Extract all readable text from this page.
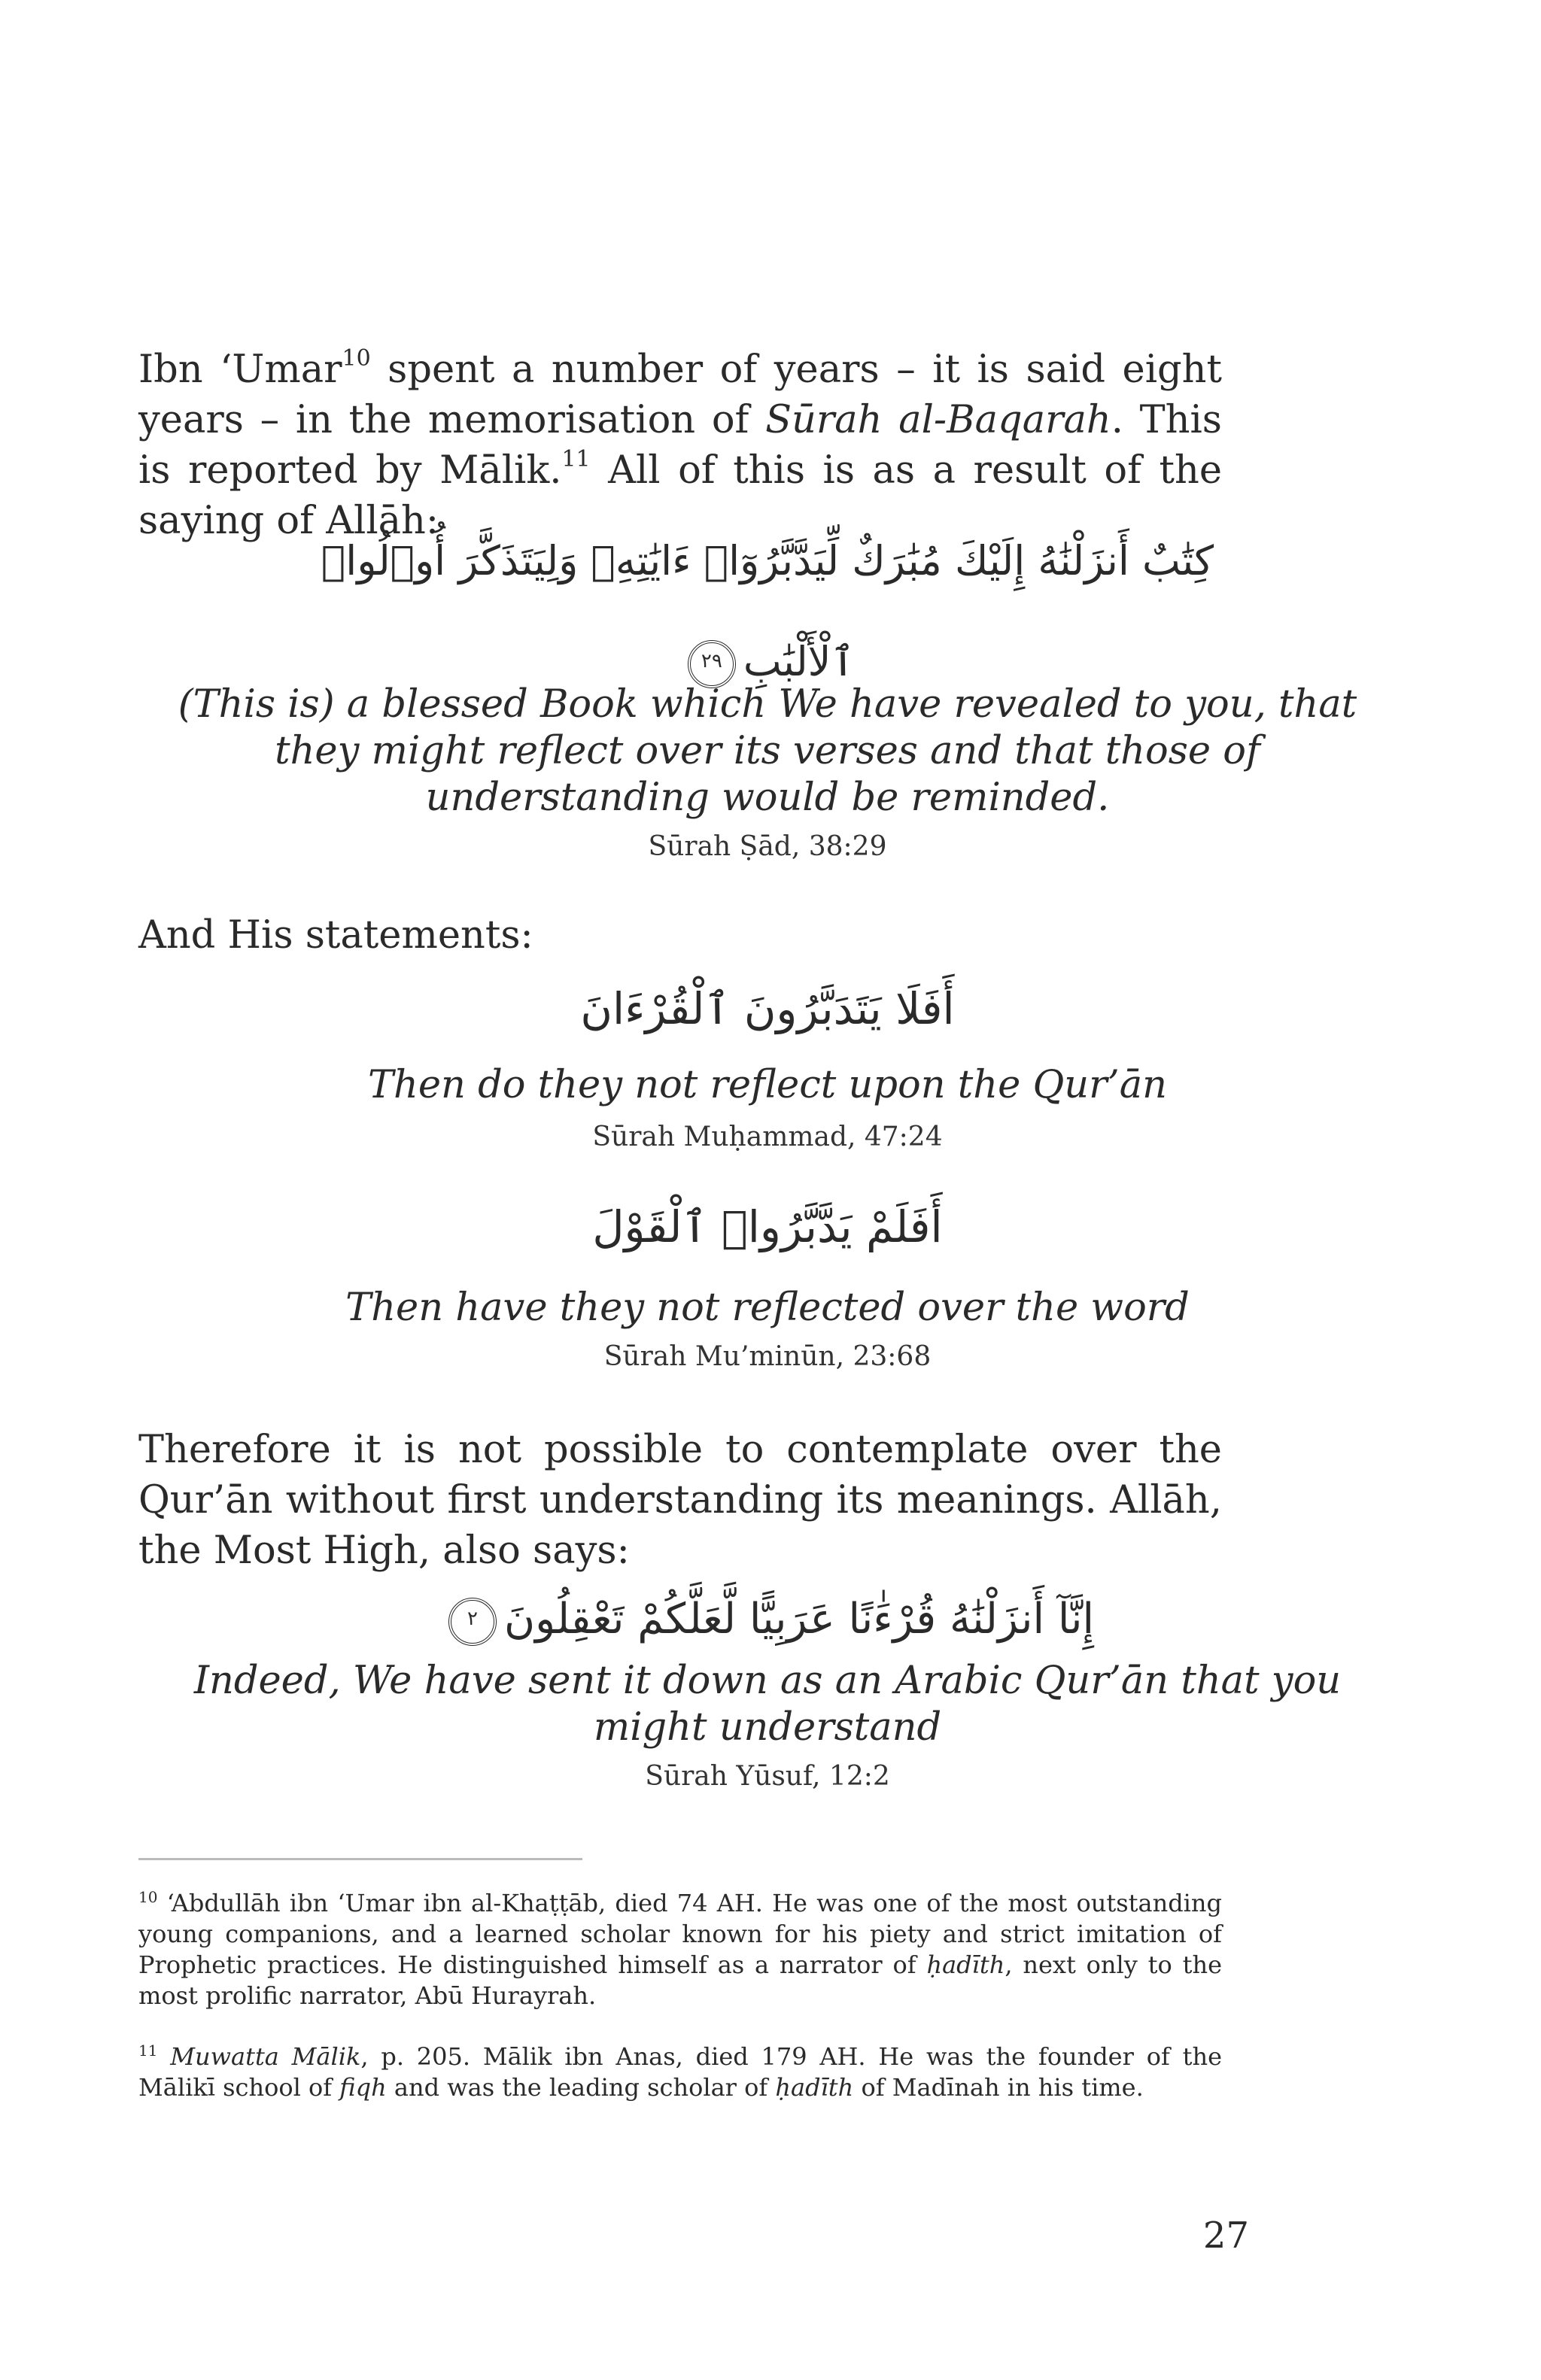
Ibn ‘Umar$^{10}$ spent a number of years – it is said eight years – in the memorisation of Sūrah al-Baqarah. This is reported by Mālik.$^{11}$ All of this is as a result of the saying of Allāh:

كِتَٰبٌ أَنزَلْنَٰهُ إِلَيْكَ مُبَٰرَكٌ لِّيَدَّبَّرُوٓا۟ ءَايَٰتِهِۦ وَلِيَتَذَكَّرَ أُو۟لُوا۟
ٱلْأَلْبَٰبِ٢٩
(This is) a blessed Book which We have revealed to you, that they might reflect over its verses and that those of understanding would be reminded.
Sūrah Ṣād, 38:29
And His statements:
أَفَلَا يَتَدَبَّرُونَ ٱلْقُرْءَانَ
Then do they not reflect upon the Qur’ān
Sūrah Muḥammad, 47:24
أَفَلَمْ يَدَّبَّرُوا۟ ٱلْقَوْلَ
Then have they not reflected over the word
Sūrah Mu’minūn, 23:68

Therefore it is not possible to contemplate over the Qur’ān without first understanding its meanings. Allāh, the Most High, also says:

إِنَّآ أَنزَلْنَٰهُ قُرْءَٰنًا عَرَبِيًّا لَّعَلَّكُمْ تَعْقِلُونَ٢
Indeed, We have sent it down as an Arabic Qur’ān that you might understand
Sūrah Yūsuf, 12:2

$^{10}$ ‘Abdullāh ibn ‘Umar ibn al-Khaṭṭāb, died 74 AH. He was one of the most outstanding young companions, and a learned scholar known for his piety and strict imitation of Prophetic practices. He distinguished himself as a narrator of ḥadīth, next only to the most prolific narrator, Abū Hurayrah.

$^{11}$ Muwatta Mālik, p. 205. Mālik ibn Anas, died 179 AH. He was the founder of the Mālikī school of fiqh and was the leading scholar of ḥadīth of Madīnah in his time.

27
